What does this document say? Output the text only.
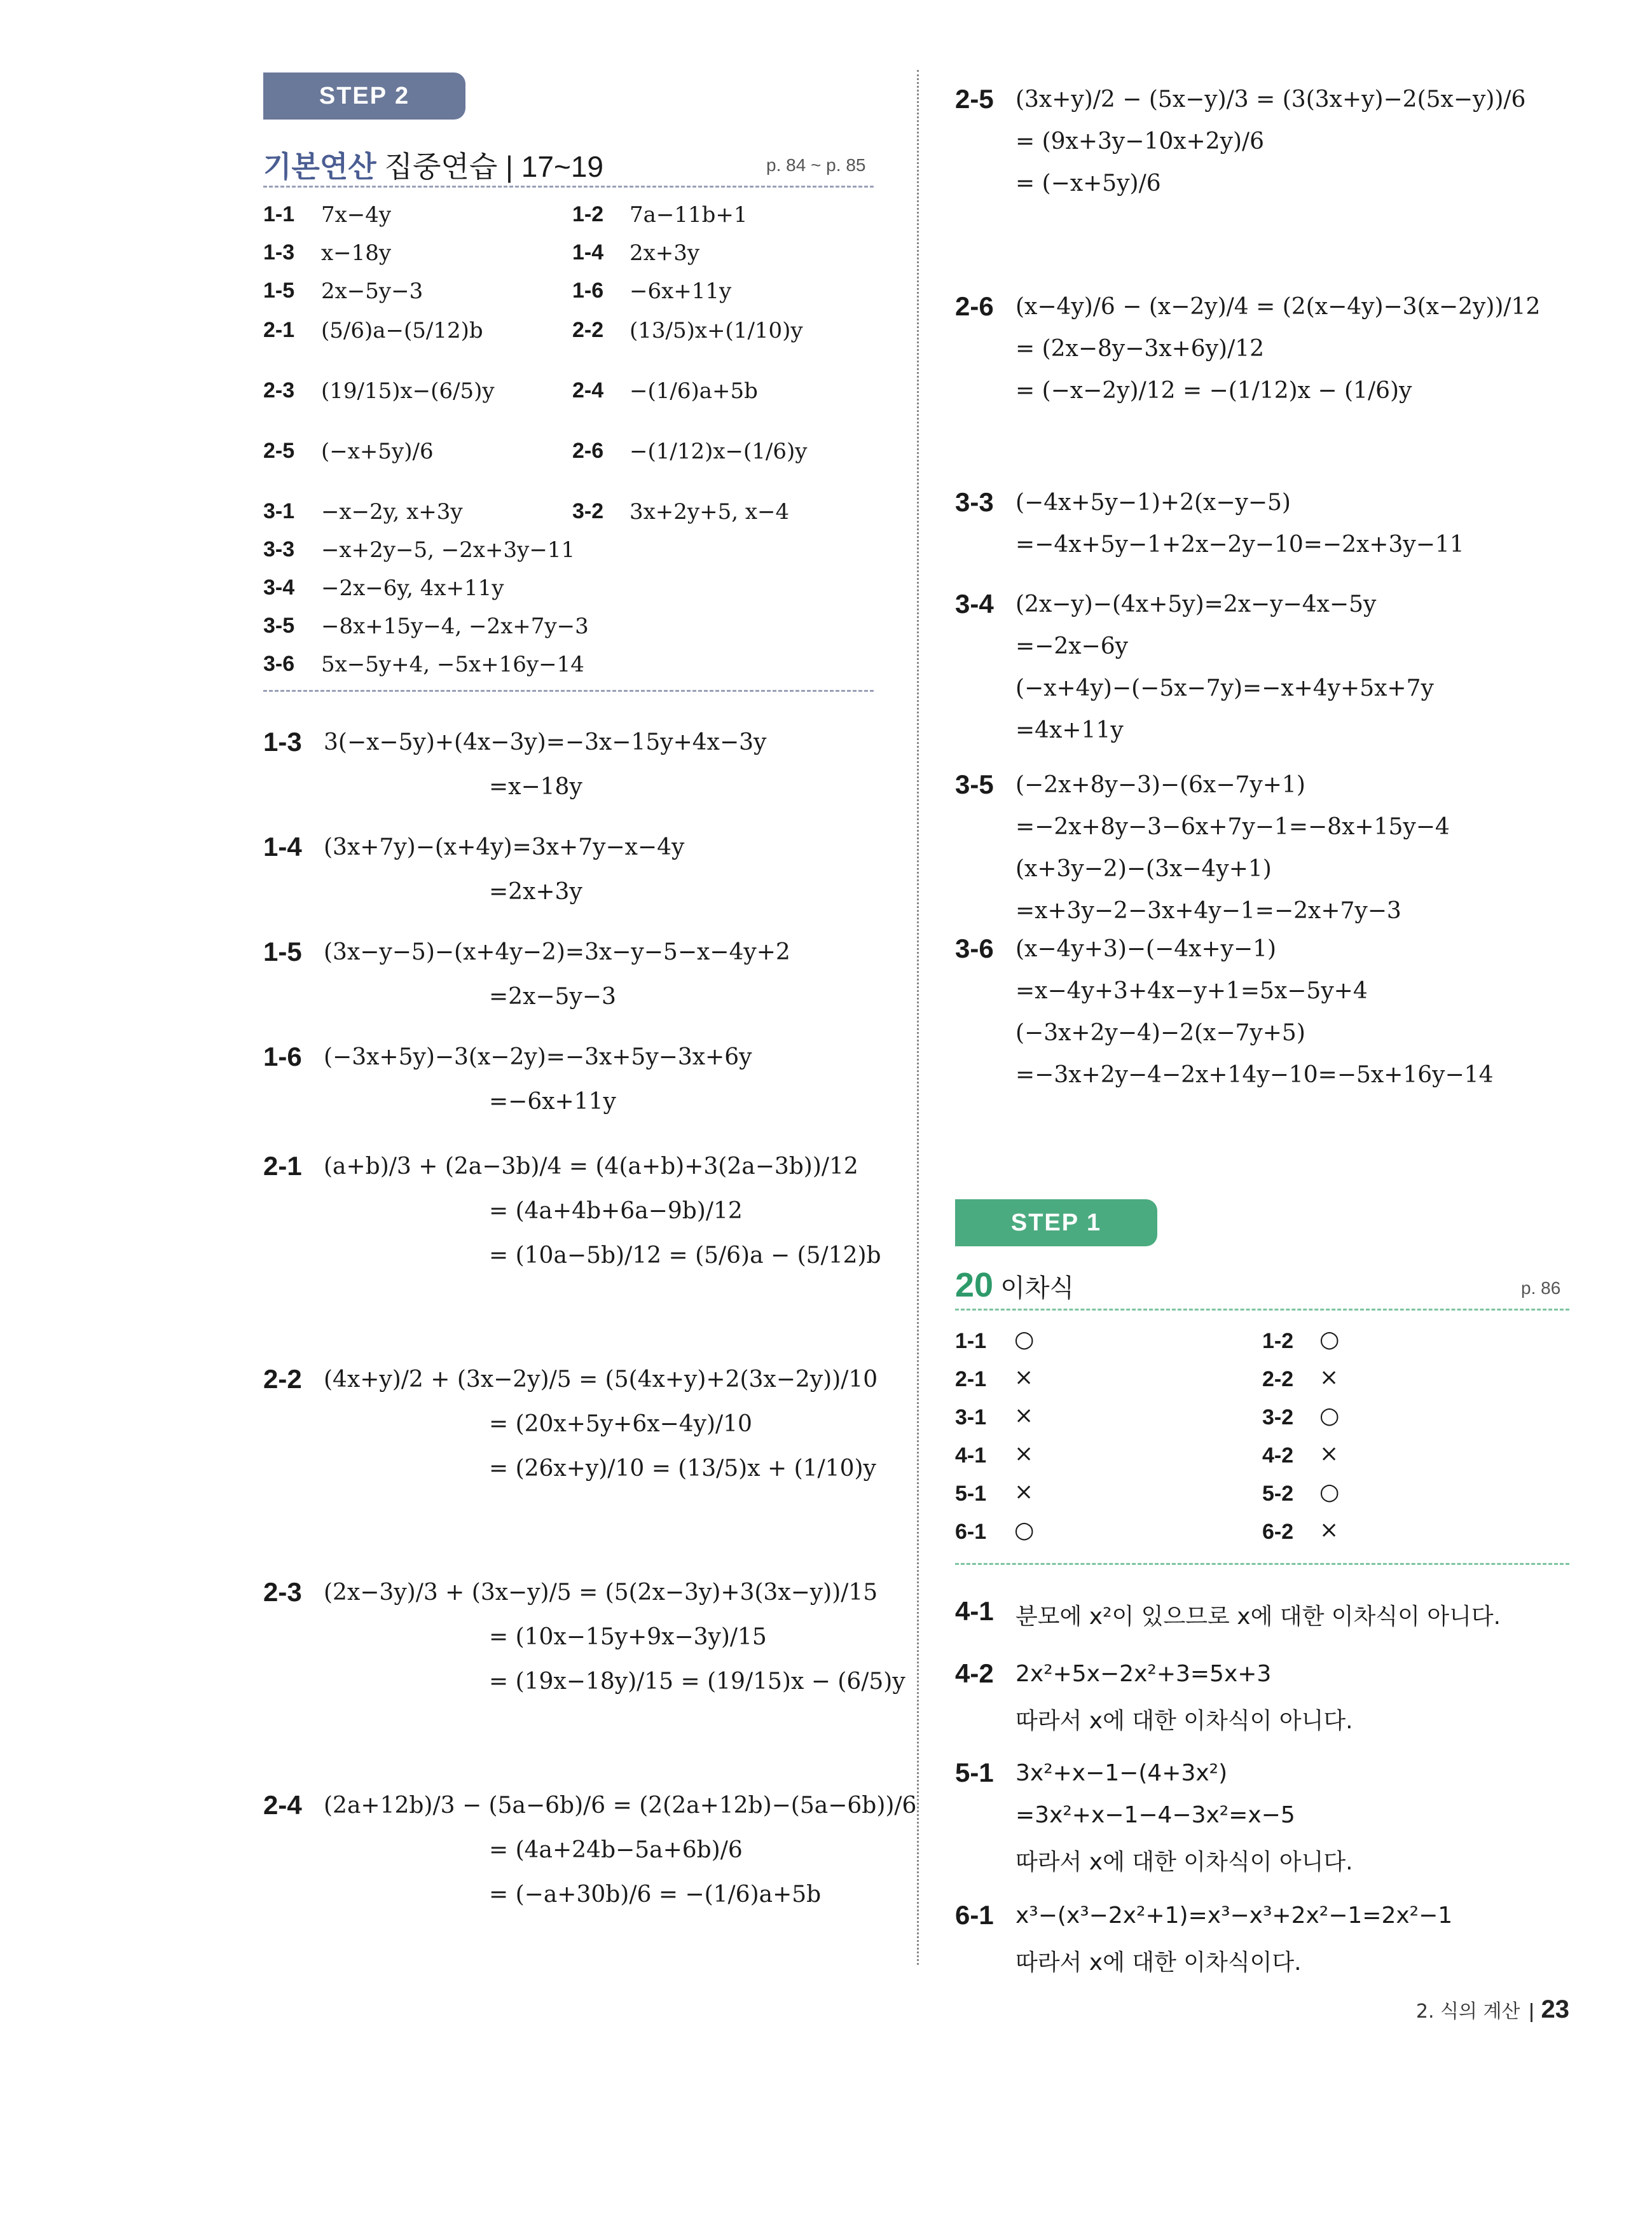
STEP 2
기본연산 집중연습 | 17~19	p. 84 ~ p. 85
1-1 7x−4y	1-2 7a−11b+1
1-3 x−18y	1-4 2x+3y
1-5 2x−5y−3	1-6 −6x+11y
2-1 (5/6)a−(5/12)b	2-2 (13/5)x+(1/10)y
2-3 (19/15)x−(6/5)y	2-4 −(1/6)a+5b
2-5 (−x+5y)/6	2-6 −(1/12)x−(1/6)y
3-1 −x−2y, x+3y	3-2 3x+2y+5, x−4
3-3 −x+2y−5, −2x+3y−11
3-4 −2x−6y, 4x+11y
3-5 −8x+15y−4, −2x+7y−3
3-6 5x−5y+4, −5x+16y−14
1-3 3(−x−5y)+(4x−3y)=−3x−15y+4x−3y
=x−18y
1-4 (3x+7y)−(x+4y)=3x+7y−x−4y
=2x+3y
1-5 (3x−y−5)−(x+4y−2)=3x−y−5−x−4y+2
=2x−5y−3
1-6 (−3x+5y)−3(x−2y)=−3x+5y−3x+6y
=−6x+11y
2-1 (a+b)/3 + (2a−3b)/4 = (4(a+b)+3(2a−3b))/12
= (4a+4b+6a−9b)/12
= (10a−5b)/12 = (5/6)a − (5/12)b
2-2 (4x+y)/2 + (3x−2y)/5 = (5(4x+y)+2(3x−2y))/10
= (20x+5y+6x−4y)/10
= (26x+y)/10 = (13/5)x + (1/10)y
2-3 (2x−3y)/3 + (3x−y)/5 = (5(2x−3y)+3(3x−y))/15
= (10x−15y+9x−3y)/15
= (19x−18y)/15 = (19/15)x − (6/5)y
2-4 (2a+12b)/3 − (5a−6b)/6 = (2(2a+12b)−(5a−6b))/6
= (4a+24b−5a+6b)/6
= (−a+30b)/6 = −(1/6)a+5b
2-5 (3x+y)/2 − (5x−y)/3 = (3(3x+y)−2(5x−y))/6
= (9x+3y−10x+2y)/6
= (−x+5y)/6
2-6 (x−4y)/6 − (x−2y)/4 = (2(x−4y)−3(x−2y))/12
= (2x−8y−3x+6y)/12
= (−x−2y)/12 = −(1/12)x − (1/6)y
3-3 (−4x+5y−1)+2(x−y−5)
=−4x+5y−1+2x−2y−10=−2x+3y−11
3-4 (2x−y)−(4x+5y)=2x−y−4x−5y
=−2x−6y
(−x+4y)−(−5x−7y)=−x+4y+5x+7y
=4x+11y
3-5 (−2x+8y−3)−(6x−7y+1)
=−2x+8y−3−6x+7y−1=−8x+15y−4
(x+3y−2)−(3x−4y+1)
=x+3y−2−3x+4y−1=−2x+7y−3
3-6 (x−4y+3)−(−4x+y−1)
=x−4y+3+4x−y+1=5x−5y+4
(−3x+2y−4)−2(x−7y+5)
=−3x+2y−4−2x+14y−10=−5x+16y−14
STEP 1
20 이차식	p. 86
1-1 ○	1-2 ○
2-1 ×	2-2 ×
3-1 ×	3-2 ○
4-1 ×	4-2 ×
5-1 ×	5-2 ○
6-1 ○	6-2 ×
4-1 분모에 x²이 있으므로 x에 대한 이차식이 아니다.
4-2 2x²+5x−2x²+3=5x+3
따라서 x에 대한 이차식이 아니다.
5-1 3x²+x−1−(4+3x²)
=3x²+x−1−4−3x²=x−5
따라서 x에 대한 이차식이 아니다.
6-1 x³−(x³−2x²+1)=x³−x³+2x²−1=2x²−1
따라서 x에 대한 이차식이다.
2. 식의 계산 23
